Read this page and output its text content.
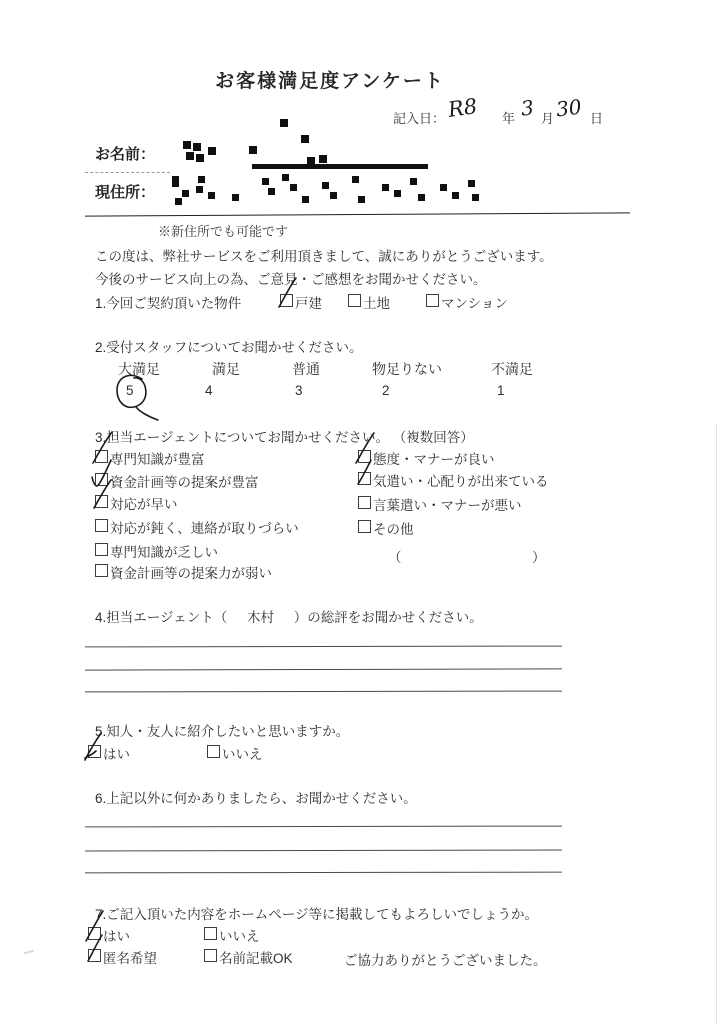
お客様満足度アンケート
記入日： R8 年 3 月 30 日
お名前：
現住所：
※新住所でも可能です
この度は、弊社サービスをご利用頂きまして、誠にありがとうございます。
今後のサービス向上の為、ご意見・ご感想をお聞かせください。
1.今回ご契約頂いた物件	戸建	土地	マンション
2.受付スタッフについてお聞かせください。
大満足	満足	普通	物足りない	不満足
5	4	3	2	1
3.担当エージェントについてお聞かせください。 （複数回答）
専門知識が豊富
資金計画等の提案が豊富
対応が早い
対応が鈍く、連絡が取りづらい
専門知識が乏しい
資金計画等の提案力が弱い
態度・マナーが良い
気遣い・心配りが出来ている
言葉遣い・マナーが悪い
その他
（	）
4.担当エージェント（ 木村 ）の総評をお聞かせください。
5.知人・友人に紹介したいと思いますか。
はい	いいえ
6.上記以外に何かありましたら、お聞かせください。
7.ご記入頂いた内容をホームページ等に掲載してもよろしいでしょうか。
はい	いいえ
匿名希望	名前記載OK	ご協力ありがとうございました。
